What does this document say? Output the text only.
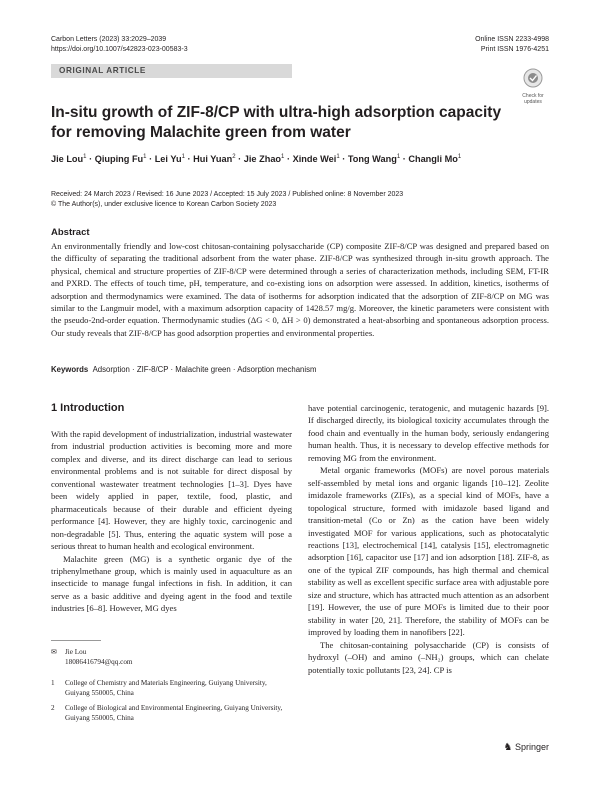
Carbon Letters (2023) 33:2029–2039
https://doi.org/10.1007/s42823-023-00583-3
Online ISSN 2233-4998
Print ISSN 1976-4251
ORIGINAL ARTICLE
Check for
updates
In-situ growth of ZIF-8/CP with ultra-high adsorption capacity for removing Malachite green from water
Jie Lou$^1$ · Qiuping $Fu^1$ · Lei $Yu^1$ · Hui Yuan$^2$ · Jie Zhao$^1$ · Xinde Wei$^1$ · Tong Wang$^1$ · Changli Mo$^1$
Received: 24 March 2023 / Revised: 16 June 2023 / Accepted: 15 July 2023 / Published online: 8 November 2023
© The Author(s), under exclusive licence to Korean Carbon Society 2023
Abstract
An environmentally friendly and low-cost chitosan-containing polysaccharide (CP) composite ZIF-8/CP was designed and prepared based on the difficulty of separating the traditional adsorbent from the water phase. ZIF-8/CP was synthesized through in-situ growth approach. The physical, chemical and structure properties of ZIF-8/CP were determined through a series of characterization methods, including SEM, FT-IR and PXRD. The effects of touch time, pH, temperature, and co-existing ions on adsorption were assessed. In addition, kinetics, isotherms of adsorption and thermodynamics were examined. The data of isotherms for adsorption indicated that the adsorption of ZIF-8/CP on MG was similar to the Langmuir model, with a maximum adsorption capacity of 1428.57 mg/g. Moreover, the kinetic parameters were consistent with the pseudo-2nd-order equation. Thermodynamic studies (ΔG < 0, ΔH > 0) demonstrated a heat-absorbing and spontaneous adsorption process. Our study reveals that ZIF-8/CP has good adsorption properties and environmental properties.
Keywords Adsorption · ZIF-8/CP · Malachite green · Adsorption mechanism
1 Introduction

With the rapid development of industrialization, industrial wastewater from industrial production activities is becoming more and more complex and diverse, and its direct discharge can lead to serious environmental problems and is not suitable for direct disposal by conventional wastewater treatment technologies [1–3]. Dyes have been widely applied in paper, textile, food, plastic, and pharmaceuticals because of their durable and efficient dyeing performance [4]. However, they are highly toxic, carcinogenic and non-degradable [5]. Thus, entering the aquatic system will pose a serious threat to human health and ecological environment.

Malachite green (MG) is a synthetic organic dye of the triphenylmethane group, which is mainly used in aquaculture as an insecticide to manage fungal infections in fish. In addition, it can serve as a basic additive and dyeing agent in the food and textile industries [6–8]. However, MG dyes

have potential carcinogenic, teratogenic, and mutagenic hazards [9]. If discharged directly, its biological toxicity accumulates through the food chain and eventually in the human body, seriously endangering human health. Thus, it is necessary to develop effective methods for removing MG from the environment.

Metal organic frameworks (MOFs) are novel porous materials self-assembled by metal ions and organic ligands [10–12]. Zeolite imidazole frameworks (ZIFs), as a special kind of MOFs, have a topological structure, formed with imidazole based ligand and transition-metal (Co or Zn) as the cation have been widely investigated MOF for various applications, such as photocatalytic reactions [13], electrochemical [14], catalysis [15], electromagnetic adsorption [16], capacitor use [17] and ion adsorption [18]. ZIF-8, as one of the typical ZIF compounds, has high thermal and chemical stability as well as excellent specific surface area with adjustable pore size and structure, which has attracted much attention as an adsorbent [19]. However, the use of pure MOFs is limited due to their poor stability in water [20, 21]. Therefore, the stability of MOFs can be improved by loading them in nanofibers [22].

The chitosan-containing polysaccharide (CP) is consists of hydroxyl (–OH) and amino (–NH₂) groups, which can chelate potentially toxic pollutants [23, 24]. CP is

✉ Jie Lou
18086416794@qq.com
1 College of Chemistry and Materials Engineering, Guiyang University, Guiyang 550005, China
2 College of Biological and Environmental Engineering, Guiyang University, Guiyang 550005, China
♞ Springer
